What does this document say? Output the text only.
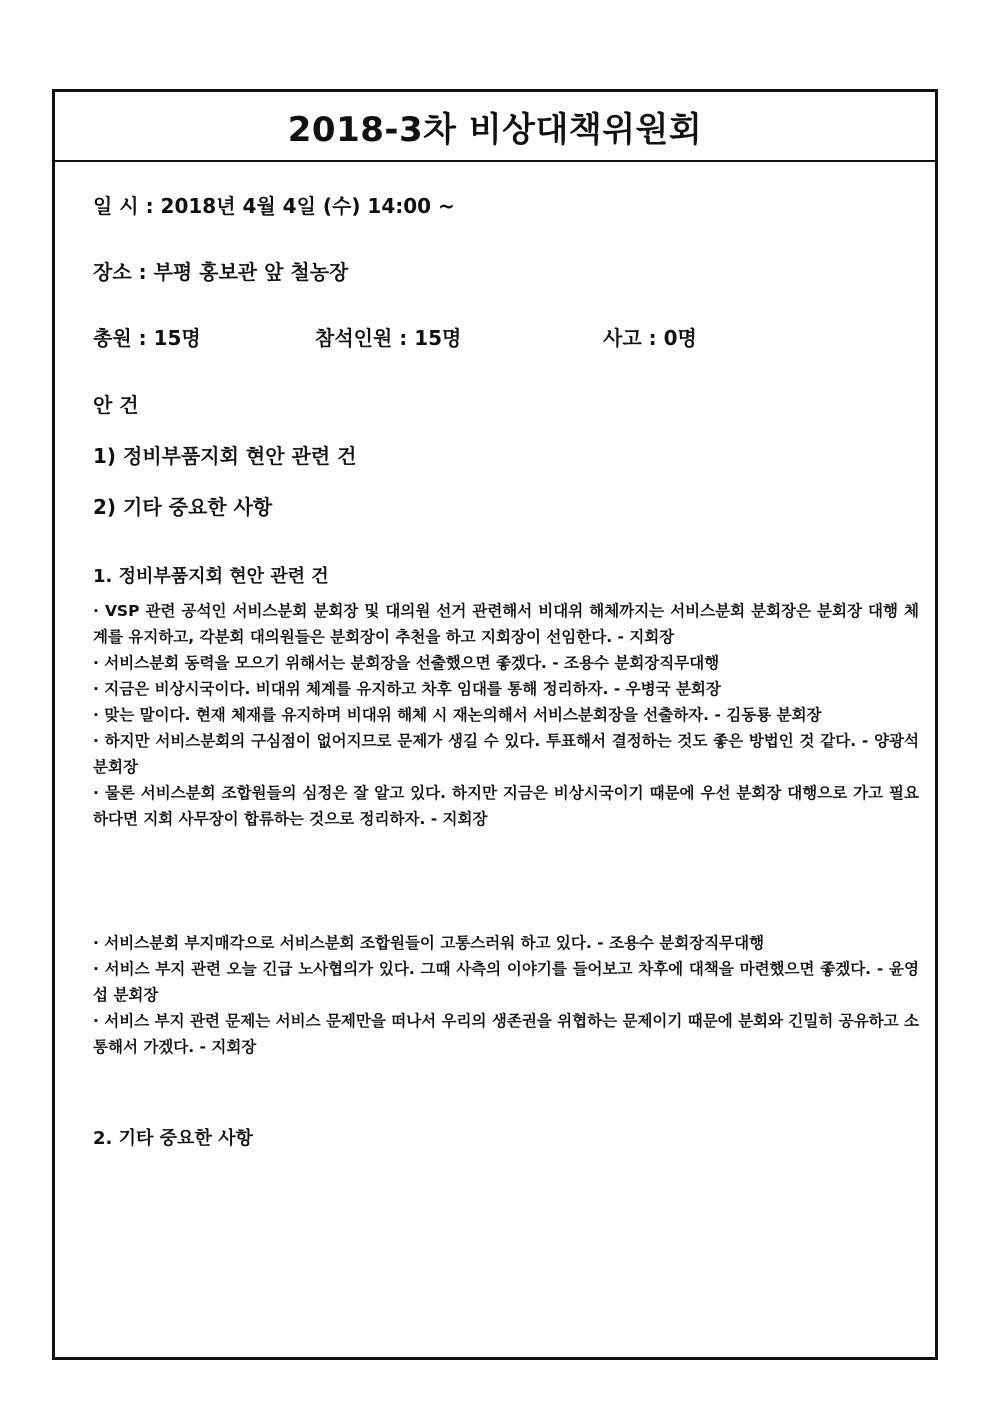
2018-3차 비상대책위원회
일 시 : 2018년 4월 4일 (수) 14:00 ~
장소 : 부평 홍보관 앞 철농장
총원 : 15명	참석인원 : 15명	사고 : 0명
안 건
1) 정비부품지회 현안 관련 건
2) 기타 중요한 사항
1. 정비부품지회 현안 관련 건

· VSP 관련 공석인 서비스분회 분회장 및 대의원 선거 관련해서 비대위 해체까지는 서비스분회 분회장은 분회장 대행 체계를 유지하고, 각분회 대의원들은 분회장이 추천을 하고 지회장이 선임한다. - 지회장

· 서비스분회 동력을 모으기 위해서는 분회장을 선출했으면 좋겠다. - 조용수 분회장직무대행

· 지금은 비상시국이다. 비대위 체계를 유지하고 차후 임대를 통해 정리하자. - 우병국 분회장

· 맞는 말이다. 현재 체재를 유지하며 비대위 해체 시 재논의해서 서비스분회장을 선출하자. - 김동룡 분회장

· 하지만 서비스분회의 구심점이 없어지므로 문제가 생길 수 있다. 투표해서 결정하는 것도 좋은 방법인 것 같다. - 양광석 분회장

· 물론 서비스분회 조합원들의 심정은 잘 알고 있다. 하지만 지금은 비상시국이기 때문에 우선 분회장 대행으로 가고 필요하다면 지회 사무장이 합류하는 것으로 정리하자. - 지회장

· 서비스분회 부지매각으로 서비스분회 조합원들이 고통스러워 하고 있다. - 조용수 분회장직무대행

· 서비스 부지 관련 오늘 긴급 노사협의가 있다. 그때 사측의 이야기를 들어보고 차후에 대책을 마련했으면 좋겠다. - 윤영섭 분회장

· 서비스 부지 관련 문제는 서비스 문제만을 떠나서 우리의 생존권을 위협하는 문제이기 때문에 분회와 긴밀히 공유하고 소통해서 가겠다. - 지회장

2. 기타 중요한 사항
